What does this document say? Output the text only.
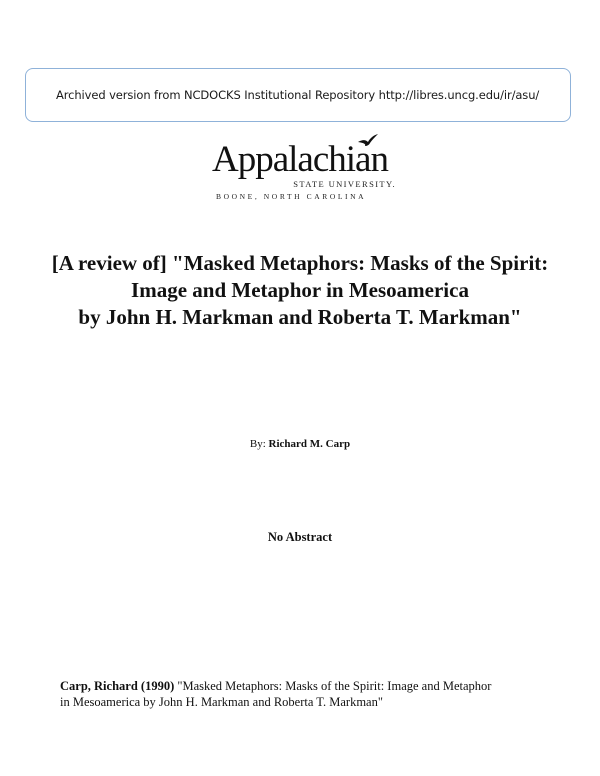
Archived version from NCDOCKS Institutional Repository http://libres.uncg.edu/ir/asu/
Appalachian
STATE UNIVERSITY.
BOONE, NORTH CAROLINA
[A review of] "Masked Metaphors: Masks of the Spirit:
Image and Metaphor in Mesoamerica
by John H. Markman and Roberta T. Markman"
By: Richard M. Carp
No Abstract
Carp, Richard (1990) "Masked Metaphors: Masks of the Spirit: Image and Metaphor
in Mesoamerica by John H. Markman and Roberta T. Markman"
